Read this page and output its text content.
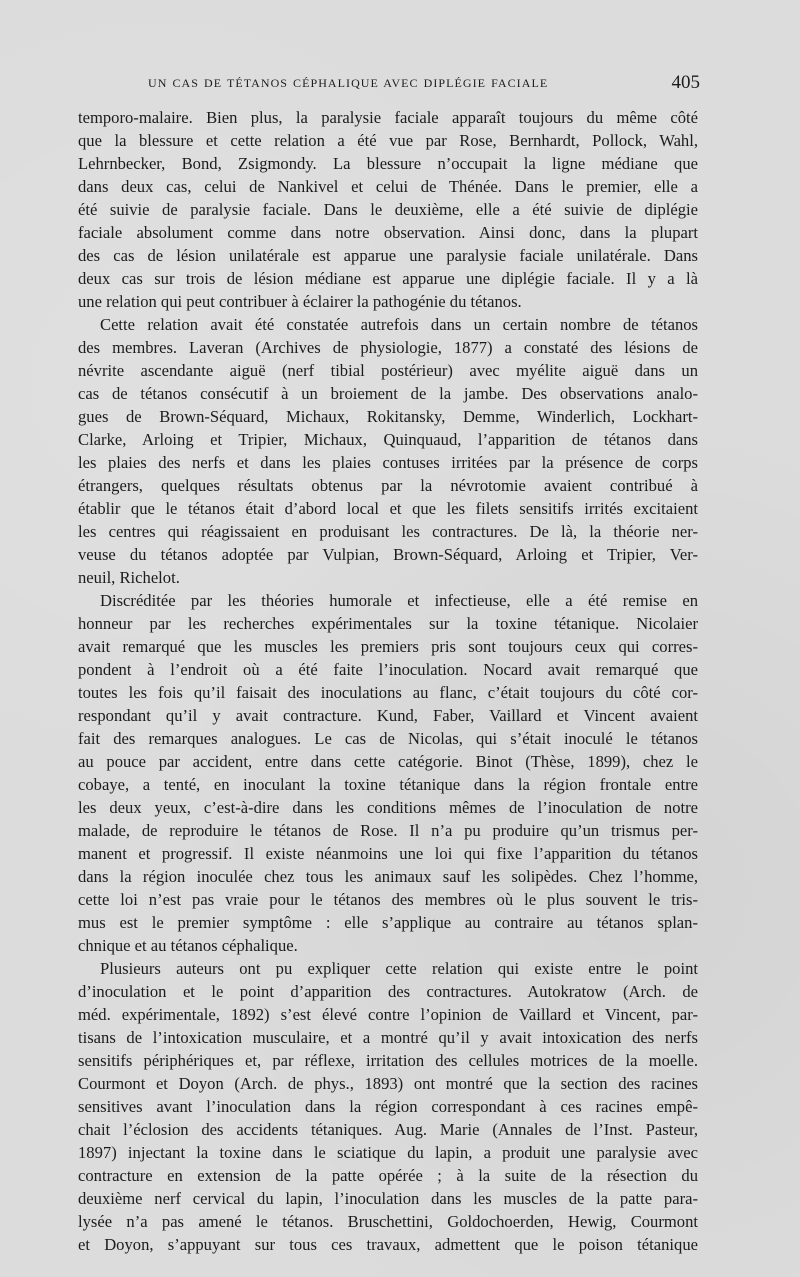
UN CAS DE TÉTANOS CÉPHALIQUE AVEC DIPLÉGIE FACIALE	405
temporo-malaire. Bien plus, la paralysie faciale apparaît toujours du même côté
que la blessure et cette relation a été vue par Rose, Bernhardt, Pollock, Wahl,
Lehrnbecker, Bond, Zsigmondy. La blessure n’occupait la ligne médiane que
dans deux cas, celui de Nankivel et celui de Thénée. Dans le premier, elle a
été suivie de paralysie faciale. Dans le deuxième, elle a été suivie de diplégie
faciale absolument comme dans notre observation. Ainsi donc, dans la plupart
des cas de lésion unilatérale est apparue une paralysie faciale unilatérale. Dans
deux cas sur trois de lésion médiane est apparue une diplégie faciale. Il y a là
une relation qui peut contribuer à éclairer la pathogénie du tétanos.
Cette relation avait été constatée autrefois dans un certain nombre de tétanos
des membres. Laveran (Archives de physiologie, 1877) a constaté des lésions de
névrite ascendante aiguë (nerf tibial postérieur) avec myélite aiguë dans un
cas de tétanos consécutif à un broiement de la jambe. Des observations analo-
gues de Brown-Séquard, Michaux, Rokitansky, Demme, Winderlich, Lockhart-
Clarke, Arloing et Tripier, Michaux, Quinquaud, l’apparition de tétanos dans
les plaies des nerfs et dans les plaies contuses irritées par la présence de corps
étrangers, quelques résultats obtenus par la névrotomie avaient contribué à
établir que le tétanos était d’abord local et que les filets sensitifs irrités excitaient
les centres qui réagissaient en produisant les contractures. De là, la théorie ner-
veuse du tétanos adoptée par Vulpian, Brown-Séquard, Arloing et Tripier, Ver-
neuil, Richelot.
Discréditée par les théories humorale et infectieuse, elle a été remise en
honneur par les recherches expérimentales sur la toxine tétanique. Nicolaier
avait remarqué que les muscles les premiers pris sont toujours ceux qui corres-
pondent à l’endroit où a été faite l’inoculation. Nocard avait remarqué que
toutes les fois qu’il faisait des inoculations au flanc, c’était toujours du côté cor-
respondant qu’il y avait contracture. Kund, Faber, Vaillard et Vincent avaient
fait des remarques analogues. Le cas de Nicolas, qui s’était inoculé le tétanos
au pouce par accident, entre dans cette catégorie. Binot (Thèse, 1899), chez le
cobaye, a tenté, en inoculant la toxine tétanique dans la région frontale entre
les deux yeux, c’est-à-dire dans les conditions mêmes de l’inoculation de notre
malade, de reproduire le tétanos de Rose. Il n’a pu produire qu’un trismus per-
manent et progressif. Il existe néanmoins une loi qui fixe l’apparition du tétanos
dans la région inoculée chez tous les animaux sauf les solipèdes. Chez l’homme,
cette loi n’est pas vraie pour le tétanos des membres où le plus souvent le tris-
mus est le premier symptôme : elle s’applique au contraire au tétanos splan-
chnique et au tétanos céphalique.
Plusieurs auteurs ont pu expliquer cette relation qui existe entre le point
d’inoculation et le point d’apparition des contractures. Autokratow (Arch. de
méd. expérimentale, 1892) s’est élevé contre l’opinion de Vaillard et Vincent, par-
tisans de l’intoxication musculaire, et a montré qu’il y avait intoxication des nerfs
sensitifs périphériques et, par réflexe, irritation des cellules motrices de la moelle.
Courmont et Doyon (Arch. de phys., 1893) ont montré que la section des racines
sensitives avant l’inoculation dans la région correspondant à ces racines empê-
chait l’éclosion des accidents tétaniques. Aug. Marie (Annales de l’Inst. Pasteur,
1897) injectant la toxine dans le sciatique du lapin, a produit une paralysie avec
contracture en extension de la patte opérée ; à la suite de la résection du
deuxième nerf cervical du lapin, l’inoculation dans les muscles de la patte para-
lysée n’a pas amené le tétanos. Bruschettini, Goldochoerden, Hewig, Courmont
et Doyon, s’appuyant sur tous ces travaux, admettent que le poison tétanique
